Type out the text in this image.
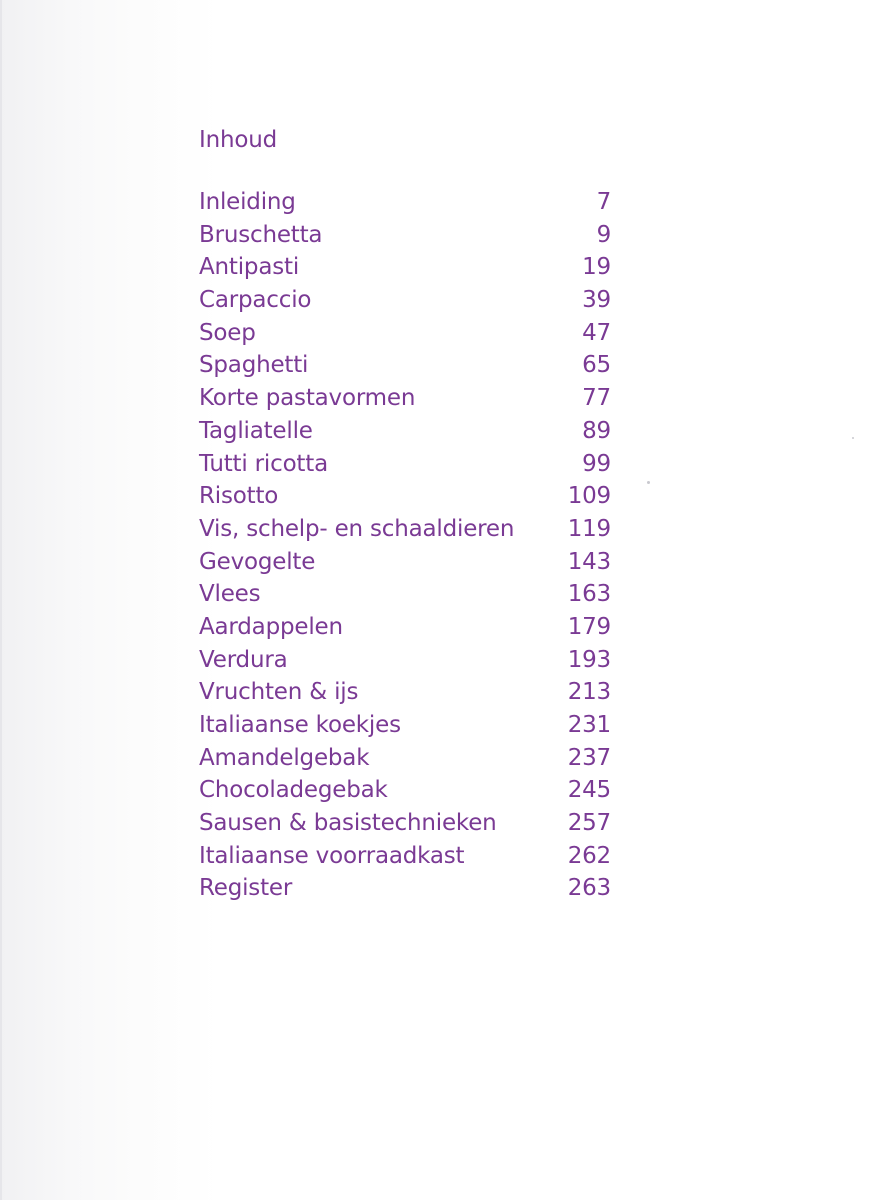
Inhoud
Inleiding	7
Bruschetta	9
Antipasti	19
Carpaccio	39
Soep	47
Spaghetti	65
Korte pastavormen	77
Tagliatelle	89
Tutti ricotta	99
Risotto	109
Vis, schelp- en schaaldieren 119
Gevogelte	143
Vlees	163
Aardappelen	179
Verdura	193
Vruchten & ijs	213
Italiaanse koekjes	231
Amandelgebak	237
Chocoladegebak	245
Sausen & basistechnieken	257
Italiaanse voorraadkast	262
Register	263
